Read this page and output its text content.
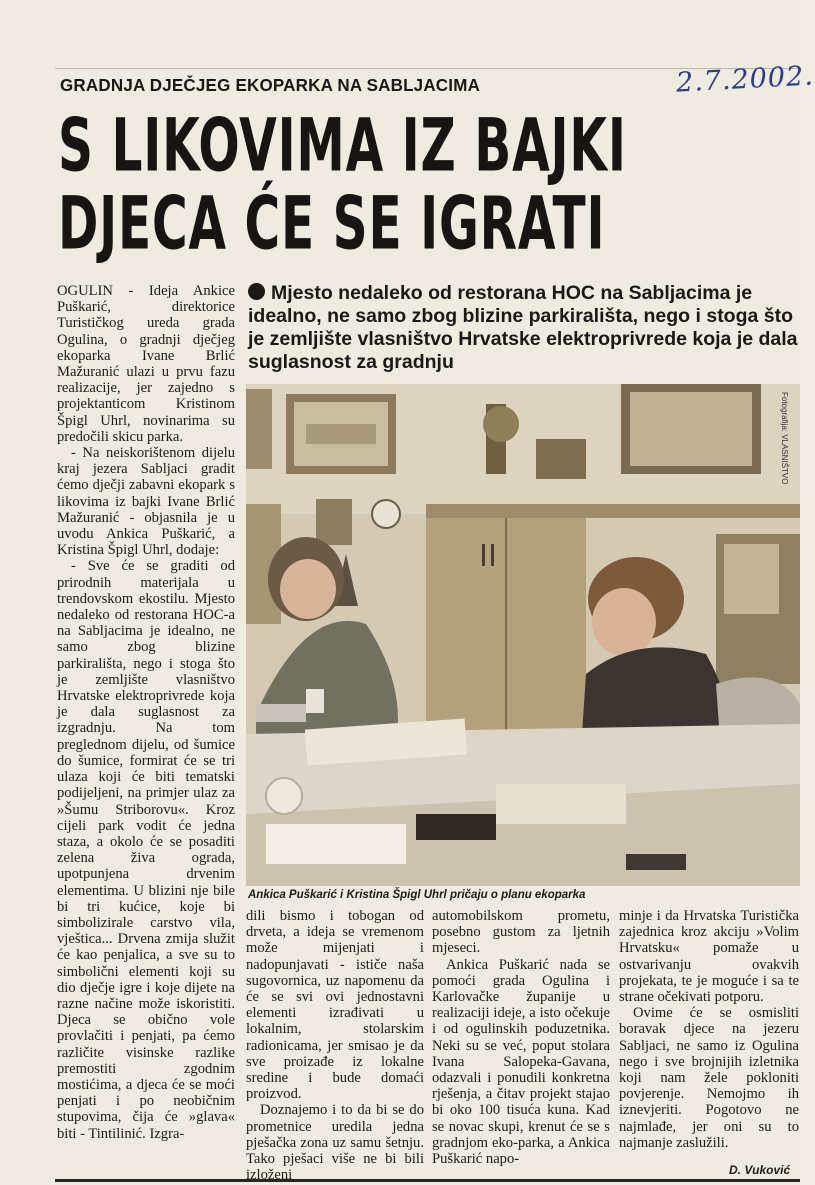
GRADNJA DJEČJEG EKOPARKA NA SABLJACIMA	2.7.2002.
S LIKOVIMA IZ BAJKI
DJECA ĆE SE IGRATI

Mjesto nedaleko od restorana HOC na Sabljacima je idealno, ne samo zbog blizine parkirališta, nego i stoga što je zemljište vlasništvo Hrvatske elektroprivrede koja je dala suglasnost za gradnju

OGULIN - Ideja Ankice Puškarić, direktorice Turističkog ureda grada Ogulina, o gradnji dječjeg ekoparka Ivane Brlić Mažuranić ulazi u prvu fazu realizacije, jer zajedno s projektanticom Kristinom Špigl Uhrl, novinarima su predočili skicu parka.

- Na neiskorištenom dijelu kraj jezera Sabljaci gradit ćemo dječji zabavni ekopark s likovima iz bajki Ivane Brlić Mažuranić - objasnila je u uvodu Ankica Puškarić, a Kristina Špigl Uhrl, dodaje:

- Sve će se graditi od prirodnih materijala u trendovskom ekostilu. Mjesto nedaleko od restorana HOC-a na Sabljacima je idealno, ne samo zbog blizine parkirališta, nego i stoga što je zemljište vlasništvo Hrvatske elektroprivrede koja je dala suglasnost za izgradnju. Na tom preglednom dijelu, od šumice do šumice, formirat će se tri ulaza koji će biti tematski podijeljeni, na primjer ulaz za »Šumu Striborovu«. Kroz cijeli park vodit će jedna staza, a okolo će se posaditi zelena živa ograda, upotpunjena drvenim elementima. U blizini nje bile bi tri kućice, koje bi simbolizirale carstvo vila, vještica... Drvena zmija služit će kao penjalica, a sve su to simbolični elementi koji su dio dječje igre i koje dijete na razne načine može iskoristiti. Djeca se obično vole provlačiti i penjati, pa ćemo različite visinske razlike premostiti zgodnim mostićima, a djeca će se moći penjati i po neobičnim stupovima, čija će »glava« biti - Tintilinić. Izgra-

Fotografija: VLASNIŠTVO
Ankica Puškarić i Kristina Špigl Uhrl pričaju o planu ekoparka

dili bismo i tobogan od drveta, a ideja se vremenom može mijenjati i nadopunjavati - ističe naša sugovornica, uz napomenu da će se svi ovi jednostavni elementi izrađivati u lokalnim, stolarskim radionicama, jer smisao je da sve proizađe iz lokalne sredine i bude domaći proizvod.

Doznajemo i to da bi se do prometnice uredila jedna pješačka zona uz samu šetnju. Tako pješaci više ne bi bili izloženi

automobilskom prometu, posebno gustom za ljetnih mjeseci.

Ankica Puškarić nada se pomoći grada Ogulina i Karlovačke županije u realizaciji ideje, a isto očekuje i od ogulinskih poduzetnika. Neki su se već, poput stolara Ivana Salopeka-Gavana, odazvali i ponudili konkretna rješenja, a čitav projekt stajao bi oko 100 tisuća kuna. Kad se novac skupi, krenut će se s gradnjom eko-parka, a Ankica Puškarić napo-

minje i da Hrvatska Turistička zajednica kroz akciju »Volim Hrvatsku« pomaže u ostvarivanju ovakvih projekata, te je moguće i sa te strane očekivati potporu.

Ovime će se osmisliti boravak djece na jezeru Sabljaci, ne samo iz Ogulina nego i sve brojnijih izletnika koji nam žele pokloniti povjerenje. Nemojmo ih iznevjeriti. Pogotovo ne najmlađe, jer oni su to najmanje zaslužili.

D. Vuković
